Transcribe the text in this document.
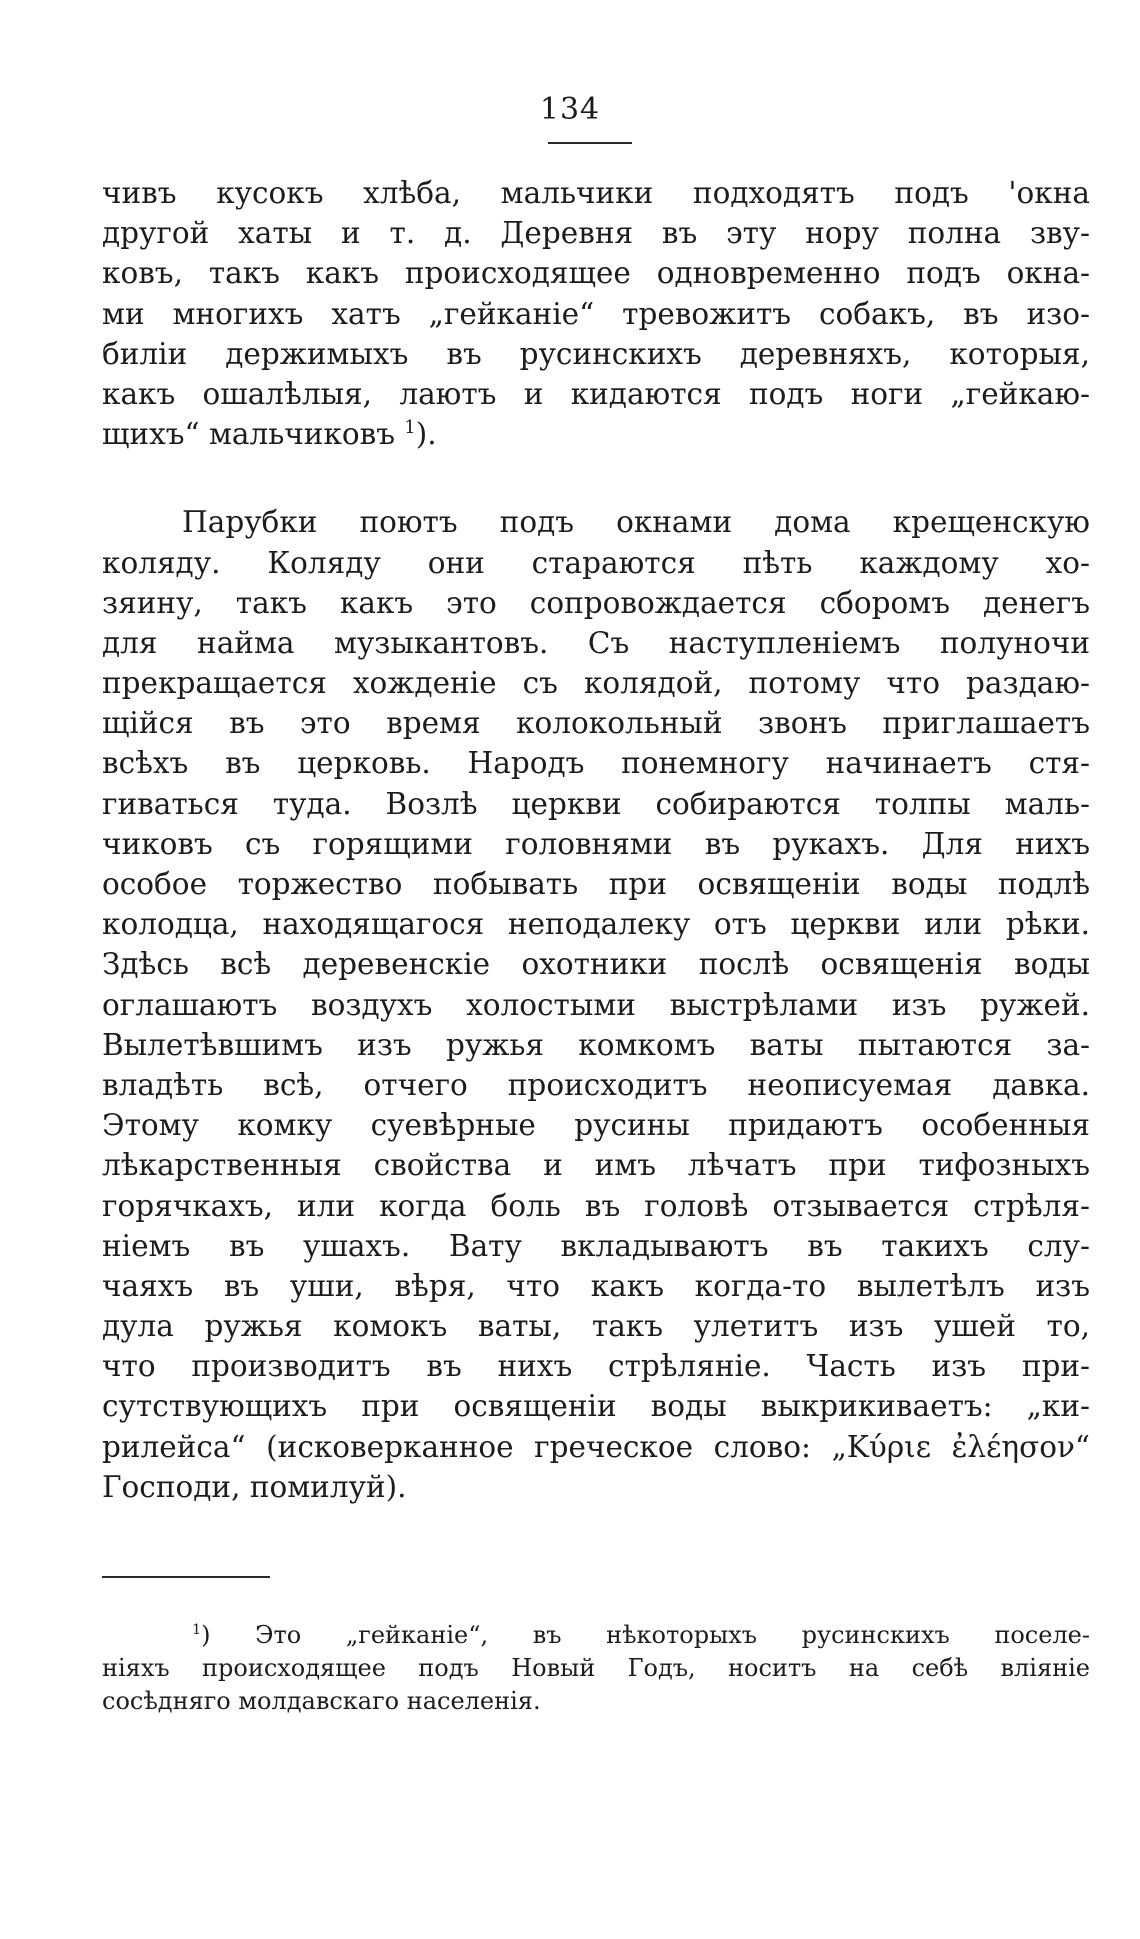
134
чивъ кусокъ хлѣба, мальчики подходятъ подъ 'окна
другой хаты и т. д. Деревня въ эту нору полна зву-
ковъ, такъ какъ происходящее одновременно подъ окна-
ми многихъ хатъ „гейканіе“ тревожитъ собакъ, въ изо-
биліи держимыхъ въ русинскихъ деревняхъ, которыя,
какъ ошалѣлыя, лаютъ и кидаются подъ ноги „гейкаю-
щихъ“ мальчиковъ $^1$).
Парубки поютъ подъ окнами дома крещенскую
коляду. Коляду они стараются пѣть каждому хо-
зяину, такъ какъ это сопровождается сборомъ денегъ
для найма музыкантовъ. Съ наступленіемъ полуночи
прекращается хожденіе съ колядой, потому что раздаю-
щійся въ это время колокольный звонъ приглашаетъ
всѣхъ въ церковь. Народъ понемногу начинаетъ стя-
гиваться туда. Возлѣ церкви собираются толпы маль-
чиковъ съ горящими головнями въ рукахъ. Для нихъ
особое торжество побывать при освященіи воды подлѣ
колодца, находящагося неподалеку отъ церкви или рѣки.
Здѣсь всѣ деревенскіе охотники послѣ освященія воды
оглашаютъ воздухъ холостыми выстрѣлами изъ ружей.
Вылетѣвшимъ изъ ружья комкомъ ваты пытаются за-
владѣть всѣ, отчего происходитъ неописуемая давка.
Этому комку суевѣрные русины придаютъ особенныя
лѣкарственныя свойства и имъ лѣчатъ при тифозныхъ
горячкахъ, или когда боль въ головѣ отзывается стрѣля-
ніемъ въ ушахъ. Вату вкладываютъ въ такихъ слу-
чаяхъ въ уши, вѣря, что какъ когда-то вылетѣлъ изъ
дула ружья комокъ ваты, такъ улетитъ изъ ушей то,
что производитъ въ нихъ стрѣляніе. Часть изъ при-
сутствующихъ при освященіи воды выкрикиваетъ: „ки-
рилейса“ (исковерканное греческое слово: „Κύριε ἐλέησον“
Господи, помилуй).
$^1$) Это „гейканіе“, въ нѣкоторыхъ русинскихъ поселе-
ніяхъ происходящее подъ Новый Годъ, носитъ на себѣ вліяніе
сосѣдняго молдавскаго населенія.
